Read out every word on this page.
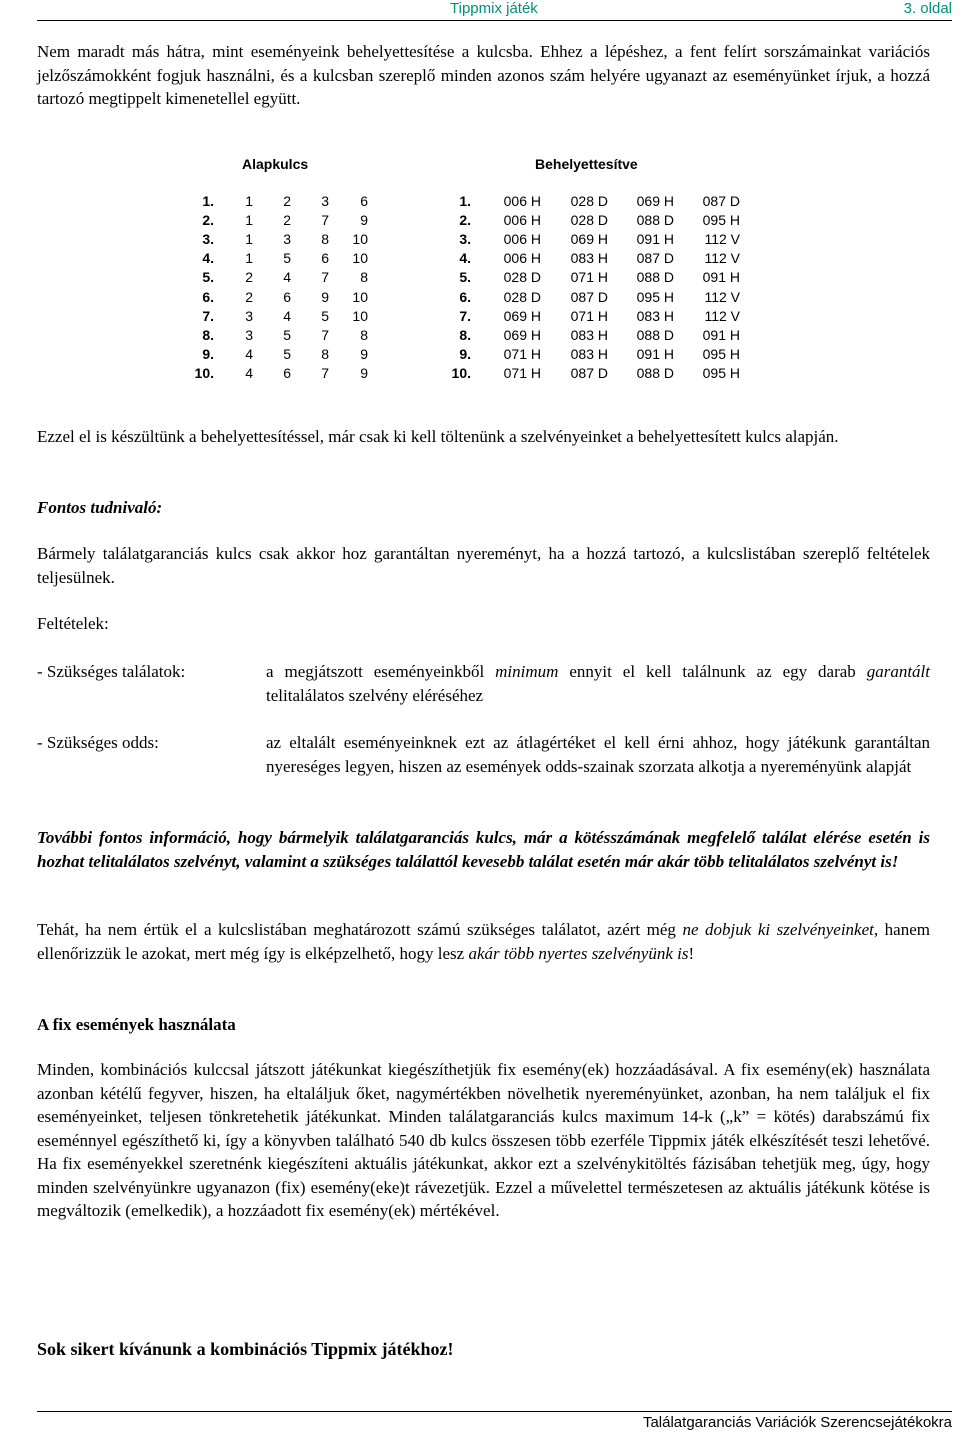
Tippmix játék	3. oldal
Nem maradt más hátra, mint eseményeink behelyettesítése a kulcsba. Ehhez a lépéshez, a fent felírt sorszámainkat variációs jelzőszámokként fogjuk használni, és a kulcsban szereplő minden azonos szám helyére ugyanazt az eseményünket írjuk, a hozzá tartozó megtippelt kimenetellel együtt.
Alapkulcs	Behelyettesítve
1. 1 2 3 6
2. 1 2 7 9
3. 1 3 8 10
4. 1 5 6 10
5. 2 4 7 8
6. 2 6 9 10
7. 3 4 5 10
8. 3 5 7 8
9. 4 5 8 9
10. 4 6 7 9
1. 006 H 028 D 069 H 087 D
2. 006 H 028 D 088 D 095 H
3. 006 H 069 H 091 H 112 V
4. 006 H 083 H 087 D 112 V
5. 028 D 071 H 088 D 091 H
6. 028 D 087 D 095 H 112 V
7. 069 H 071 H 083 H 112 V
8. 069 H 083 H 088 D 091 H
9. 071 H 083 H 091 H 095 H
10. 071 H 087 D 088 D 095 H
Ezzel el is készültünk a behelyettesítéssel, már csak ki kell töltenünk a szelvényeinket a behelyettesített kulcs alapján.
Fontos tudnivaló:
Bármely találatgaranciás kulcs csak akkor hoz garantáltan nyereményt, ha a hozzá tartozó, a kulcslistában szereplő feltételek teljesülnek.
Feltételek:
- Szükséges találatok:	a megjátszott eseményeinkből minimum ennyit el kell találnunk az egy darab garantált telitalálatos szelvény eléréséhez
- Szükséges odds:	az eltalált eseményeinknek ezt az átlagértéket el kell érni ahhoz, hogy játékunk garantáltan nyereséges legyen, hiszen az események odds-szainak szorzata alkotja a nyereményünk alapját
További fontos információ, hogy bármelyik találatgaranciás kulcs, már a kötésszámának megfelelő találat elérése esetén is hozhat telitalálatos szelvényt, valamint a szükséges találattól kevesebb találat esetén már akár több telitalálatos szelvényt is!
Tehát, ha nem értük el a kulcslistában meghatározott számú szükséges találatot, azért még ne dobjuk ki szelvényeinket, hanem ellenőrizzük le azokat, mert még így is elképzelhető, hogy lesz akár több nyertes szelvényünk is!
A fix események használata
Minden, kombinációs kulccsal játszott játékunkat kiegészíthetjük fix esemény(ek) hozzáadásával. A fix esemény(ek) használata azonban kétélű fegyver, hiszen, ha eltaláljuk őket, nagymértékben növelhetik nyereményünket, azonban, ha nem találjuk el fix eseményeinket, teljesen tönkretehetik játékunkat. Minden találatgaranciás kulcs maximum 14-k („k” = kötés) darabszámú fix eseménnyel egészíthető ki, így a könyvben található 540 db kulcs összesen több ezerféle Tippmix játék elkészítését teszi lehetővé. Ha fix eseményekkel szeretnénk kiegészíteni aktuális játékunkat, akkor ezt a szelvénykitöltés fázisában tehetjük meg, úgy, hogy minden szelvényünkre ugyanazon (fix) esemény(eke)t rávezetjük. Ezzel a művelettel természetesen az aktuális játékunk kötése is megváltozik (emelkedik), a hozzáadott fix esemény(ek) mértékével.
Sok sikert kívánunk a kombinációs Tippmix játékhoz!
Találatgaranciás Variációk Szerencsejátékokra
